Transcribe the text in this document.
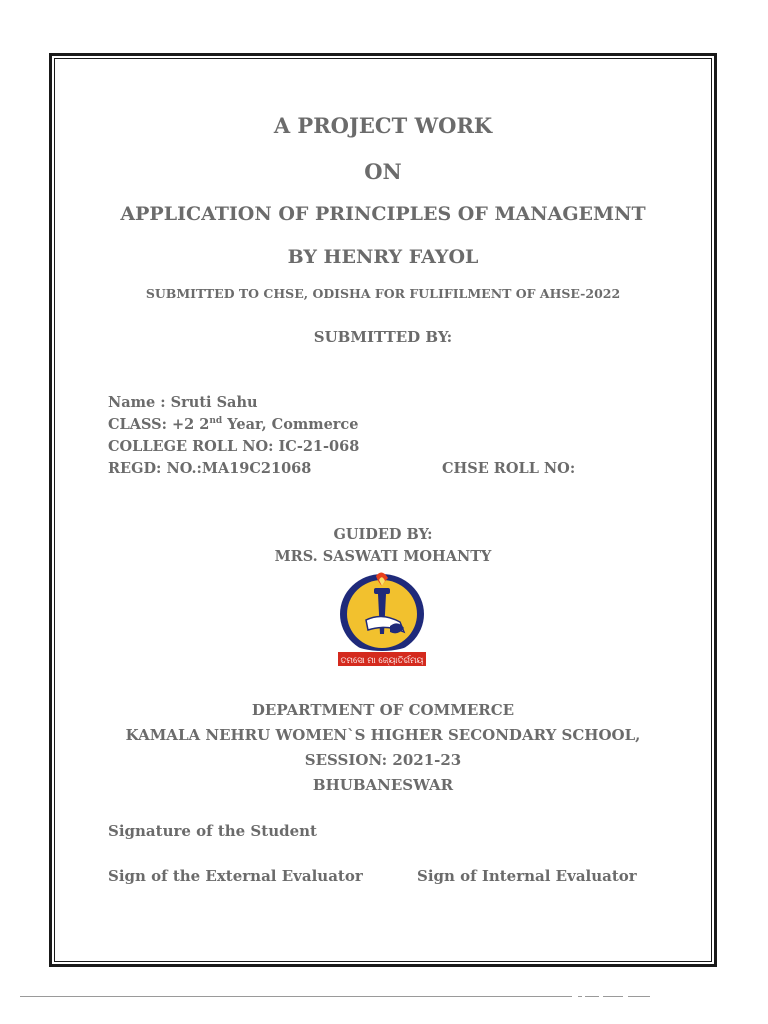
A PROJECT WORK
ON
APPLICATION OF PRINCIPLES OF MANAGEMNT
BY HENRY FAYOL
SUBMITTED TO CHSE, ODISHA FOR FULIFILMENT OF AHSE-2022
SUBMITTED BY:
Name : Sruti Sahu
CLASS: +2 2nd Year, Commerce
COLLEGE ROLL NO: IC-21-068
REGD: NO.:MA19C21068	CHSE ROLL NO:
GUIDED BY:
MRS. SASWATI MOHANTY
ତମସୋ ମା ଜ୍ୟୋତିର୍ଗମୟ
DEPARTMENT OF COMMERCE
KAMALA NEHRU WOMEN`S HIGHER SECONDARY SCHOOL,
SESSION: 2021-23
BHUBANESWAR
Signature of the Student
Sign of the External Evaluator	Sign of Internal Evaluator
